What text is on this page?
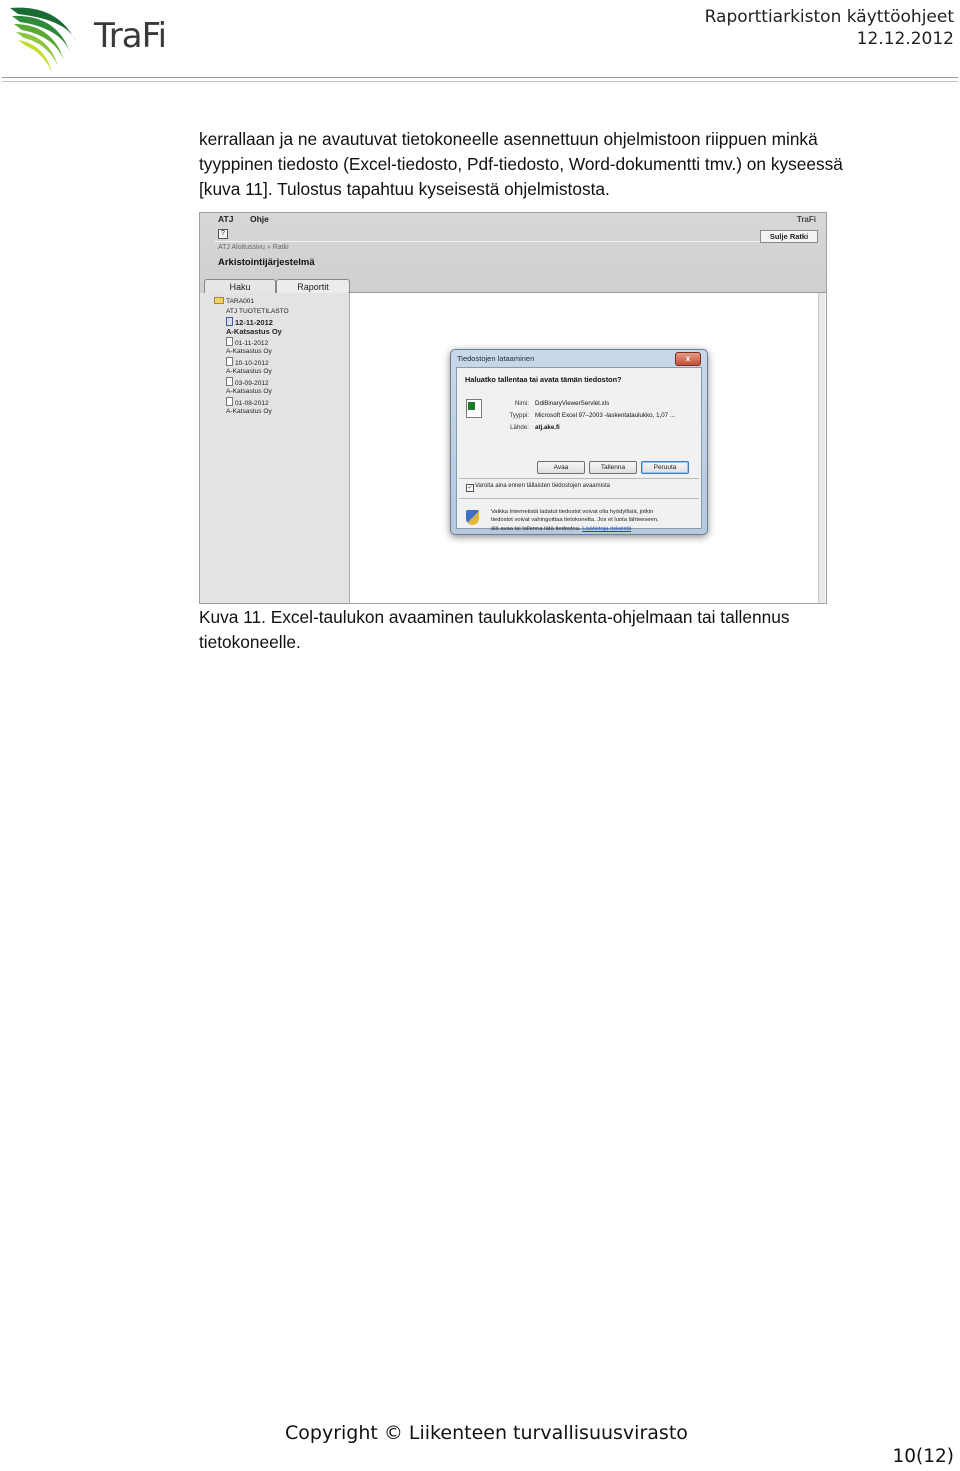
TraFi	Raporttiarkiston käyttöohjeet
12.12.2012
kerrallaan ja ne avautuvat tietokoneelle asennettuun ohjelmistoon riippuen minkä
tyyppinen tiedosto (Excel-tiedosto, Pdf-tiedosto, Word-dokumentti tmv.) on kyseessä
[kuva 11]. Tulostus tapahtuu kyseisestä ohjelmistosta.
ATJ Ohje
?
TraFi
Sulje Ratki
ATJ Aloitussivu » Ratki
Arkistointijärjestelmä
Haku	Raportit
TARA001
ATJ TUOTETILASTO
12-11-2012
A-Katsastus Oy
01-11-2012
A-Katsastus Oy
10-10-2012
A-Katsastus Oy
03-09-2012
A-Katsastus Oy
01-08-2012
A-Katsastus Oy
Tiedostojen lataaminen	x
Haluatko tallentaa tai avata tämän tiedoston?
Nimi: DdiBinaryViewerServlet.xls
Tyyppi: Microsoft Excel 97–2003 -laskentataulukko, 1,07 ...
Lähde: atj.ake.fi
Avaa	Tallenna	Peruuta
✓ Varoita aina ennen tällaisten tiedostojen avaamista
Vaikka Internetistä ladatut tiedostot voivat olla hyödyllisiä, jotkin
tiedostot voivat vahingoittaa tietokonetta. Jos et luota lähteeseen,
älä avaa tai tallenna tätä tiedostoa. Lisätietoja riskeistä
Kuva 11. Excel-taulukon avaaminen taulukkolaskenta-ohjelmaan tai tallennus
tietokoneelle.
Copyright © Liikenteen turvallisuusvirasto
10(12)
